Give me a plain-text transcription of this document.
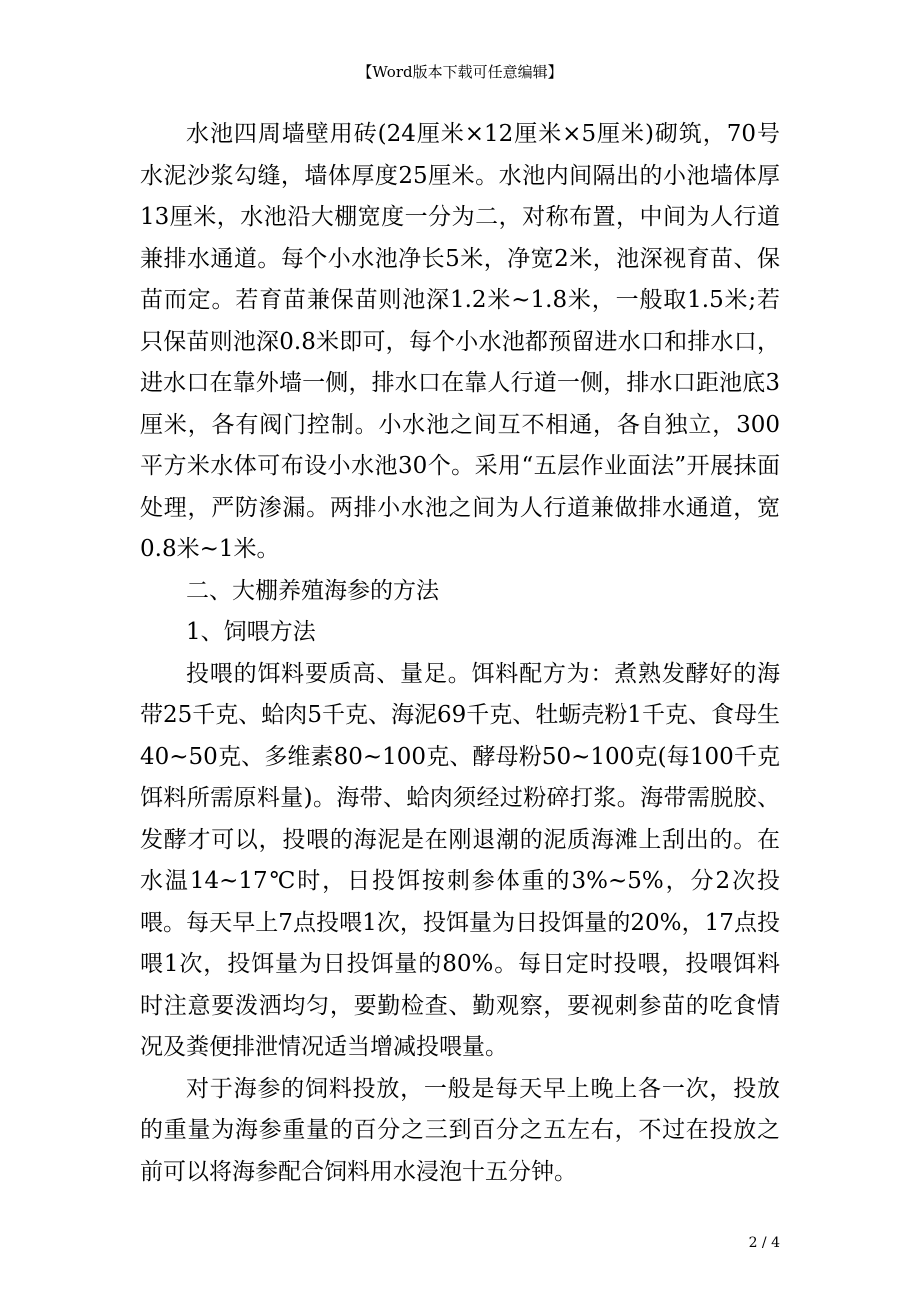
【Word版本下载可任意编辑】

水池四周墙壁用砖(24厘米×12厘米×5厘米)砌筑，70号水泥沙浆勾缝，墙体厚度25厘米。水池内间隔出的小池墙体厚13厘米，水池沿大棚宽度一分为二，对称布置，中间为人行道兼排水通道。每个小水池净长5米，净宽2米，池深视育苗、保苗而定。若育苗兼保苗则池深1.2米~1.8米，一般取1.5米;若只保苗则池深0.8米即可，每个小水池都预留进水口和排水口，进水口在靠外墙一侧，排水口在靠人行道一侧，排水口距池底3厘米，各有阀门控制。小水池之间互不相通，各自独立，300平方米水体可布设小水池30个。采用“五层作业面法”开展抹面处理，严防渗漏。两排小水池之间为人行道兼做排水通道，宽0.8米~1米。

二、大棚养殖海参的方法

1、饲喂方法

投喂的饵料要质高、量足。饵料配方为：煮熟发酵好的海带25千克、蛤肉5千克、海泥69千克、牡蛎壳粉1千克、食母生40~50克、多维素80~100克、酵母粉50~100克(每100千克饵料所需原料量)。海带、蛤肉须经过粉碎打浆。海带需脱胶、发酵才可以，投喂的海泥是在刚退潮的泥质海滩上刮出的。在水温14~17℃时，日投饵按刺参体重的3%~5%，分2次投喂。每天早上7点投喂1次，投饵量为日投饵量的20%，17点投喂1次，投饵量为日投饵量的80%。每日定时投喂，投喂饵料时注意要泼洒均匀，要勤检查、勤观察，要视刺参苗的吃食情况及粪便排泄情况适当增减投喂量。

对于海参的饲料投放，一般是每天早上晚上各一次，投放的重量为海参重量的百分之三到百分之五左右，不过在投放之前可以将海参配合饲料用水浸泡十五分钟。

2 / 4
